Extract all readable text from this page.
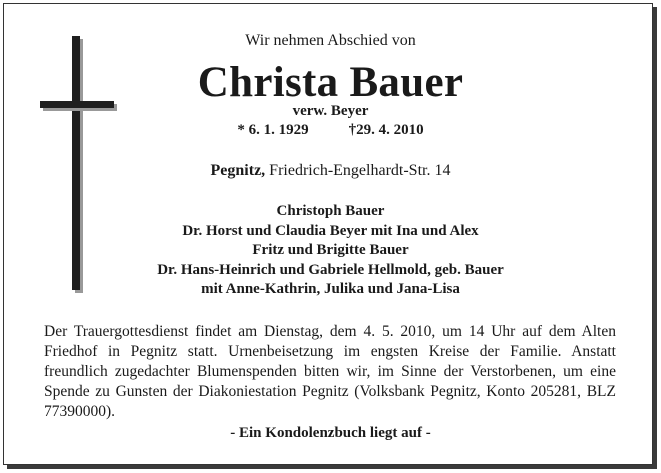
Wir nehmen Abschied von
Christa Bauer
verw. Beyer
* 6. 1. 1929	†29. 4. 2010
Pegnitz, Friedrich-Engelhardt-Str. 14
Christoph Bauer
Dr. Horst und Claudia Beyer mit Ina und Alex
Fritz und Brigitte Bauer
Dr. Hans-Heinrich und Gabriele Hellmold, geb. Bauer
mit Anne-Kathrin, Julika und Jana-Lisa

Der Trauergottesdienst findet am Dienstag, dem 4. 5. 2010, um 14 Uhr auf dem Alten Friedhof in Pegnitz statt. Urnenbeisetzung im engsten Kreise der Familie. Anstatt freundlich zugedachter Blumenspenden bitten wir, im Sinne der Verstorbenen, um eine Spende zu Gunsten der Diakoniestation Pegnitz (Volksbank Pegnitz, Konto 205281, BLZ 77390000).

- Ein Kondolenzbuch liegt auf -
